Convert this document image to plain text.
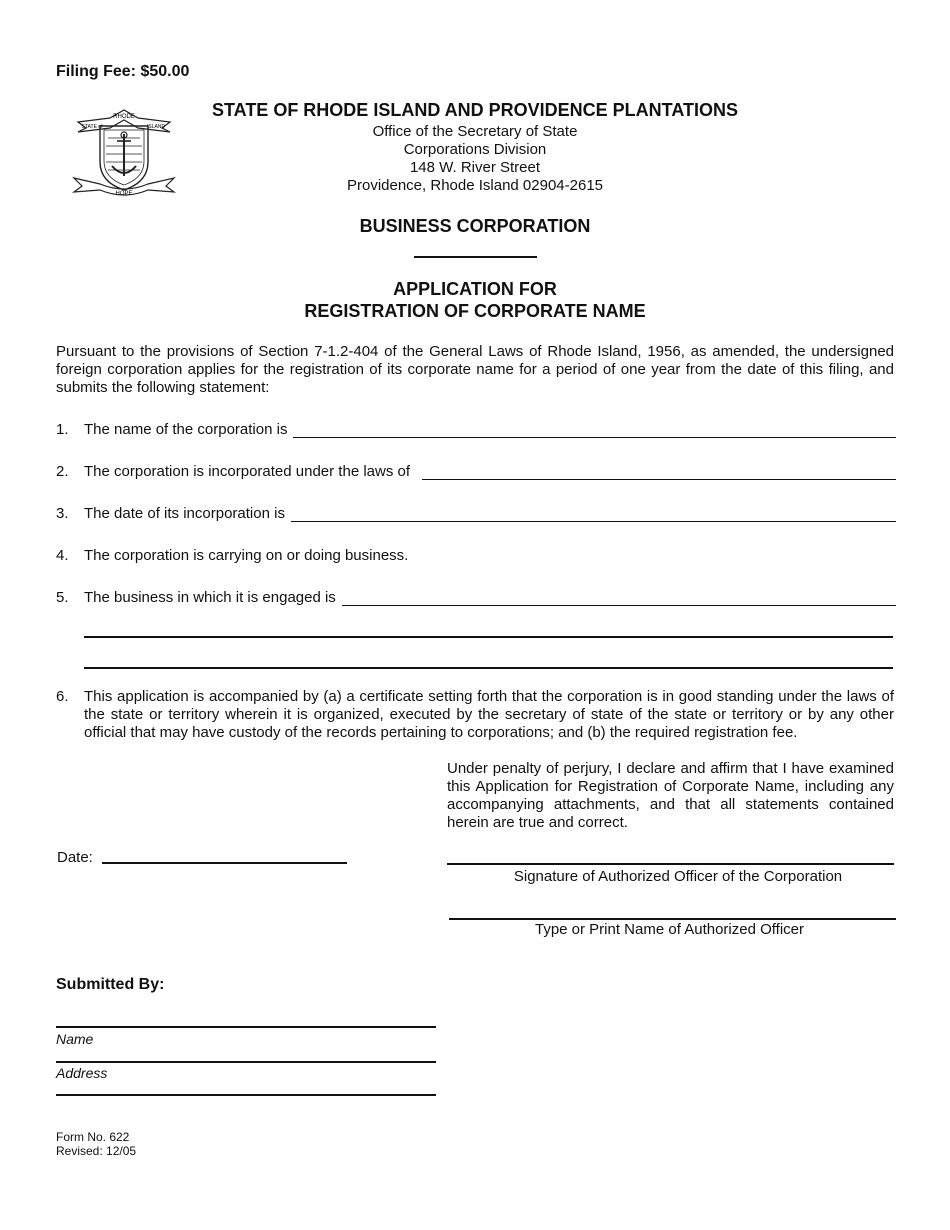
Filing Fee: $50.00
RHODE
STATE of	ISLAND
HOPE
STATE OF RHODE ISLAND AND PROVIDENCE PLANTATIONS
Office of the Secretary of State
Corporations Division
148 W. River Street
Providence, Rhode Island 02904-2615
BUSINESS CORPORATION
APPLICATION FOR
REGISTRATION OF CORPORATE NAME
Pursuant to the provisions of Section 7-1.2-404 of the General Laws of Rhode Island, 1956, as amended, the undersigned foreign corporation applies for the registration of its corporate name for a period of one year from the date of this filing, and submits the following statement:
1.	The name of the corporation is
2.	The corporation is incorporated under the laws of
3.	The date of its incorporation is
4.	The corporation is carrying on or doing business.
5.	The business in which it is engaged is
6.	This application is accompanied by (a) a certificate setting forth that the corporation is in good standing under the laws of the state or territory wherein it is organized, executed by the secretary of state of the state or territory or by any other official that may have custody of the records pertaining to corporations; and (b) the required registration fee.
Under penalty of perjury, I declare and affirm that I have examined this Application for Registration of Corporate Name, including any accompanying attachments, and that all statements contained herein are true and correct.
Date:
Signature of Authorized Officer of the Corporation
Type or Print Name of Authorized Officer
Submitted By:
Name
Address
Form No. 622
Revised: 12/05
